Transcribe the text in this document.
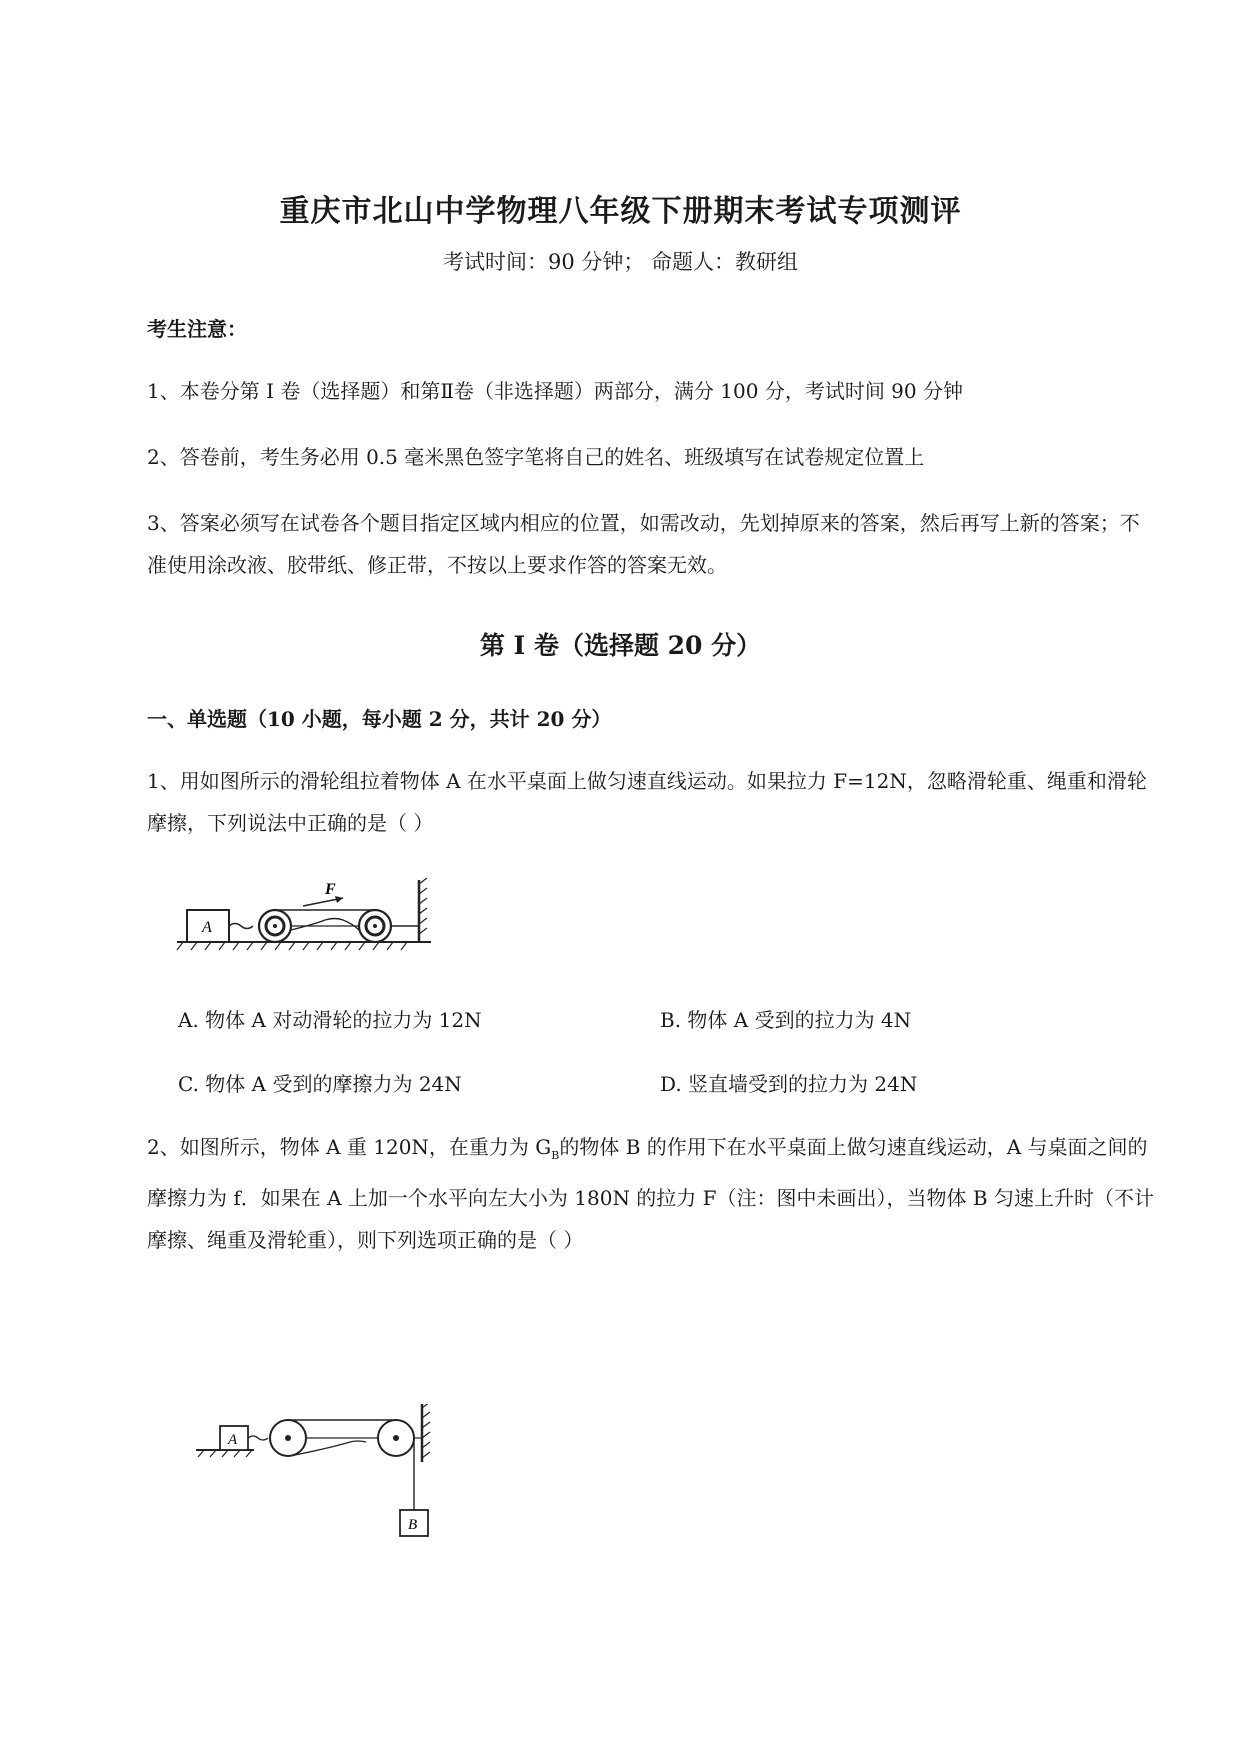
重庆市北山中学物理八年级下册期末考试专项测评
考试时间：90 分钟； 命题人：教研组
考生注意：
1、本卷分第 I 卷（选择题）和第Ⅱ卷（非选择题）两部分，满分 100 分，考试时间 90 分钟
2、答卷前，考生务必用 0.5 毫米黑色签字笔将自己的姓名、班级填写在试卷规定位置上
3、答案必须写在试卷各个题目指定区域内相应的位置，如需改动，先划掉原来的答案，然后再写上新的答案；不准使用涂改液、胶带纸、修正带，不按以上要求作答的答案无效。
第 I 卷（选择题 20 分）
一、单选题（10 小题，每小题 2 分，共计 20 分）
1、用如图所示的滑轮组拉着物体 A 在水平桌面上做匀速直线运动。如果拉力 F=12N，忽略滑轮重、绳重和滑轮摩擦，下列说法中正确的是（ ）
A
F
A. 物体 A 对动滑轮的拉力为 12N	B. 物体 A 受到的拉力为 4N
C. 物体 A 受到的摩擦力为 24N	D. 竖直墙受到的拉力为 24N
2、如图所示，物体 A 重 120N，在重力为 $G_B$的物体 B 的作用下在水平桌面上做匀速直线运动，A 与桌面之间的摩擦力为 f．如果在 A 上加一个水平向左大小为 180N 的拉力 F（注：图中未画出），当物体 B 匀速上升时（不计摩擦、绳重及滑轮重），则下列选项正确的是（ ）
A
B
